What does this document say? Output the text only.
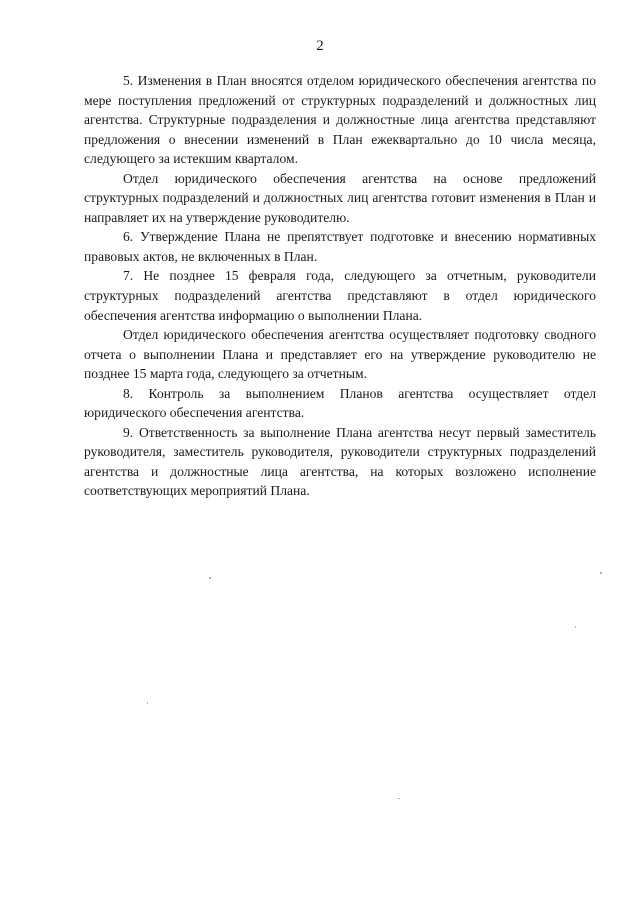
2

5. Изменения в План вносятся отделом юридического обеспечения агентства по мере поступления предложений от структурных подразделений и должностных лиц агентства. Структурные подразделения и должностные лица агентства представляют предложения о внесении изменений в План ежеквартально до 10 числа месяца, следующего за истекшим кварталом.

Отдел юридического обеспечения агентства на основе предложений структурных подразделений и должностных лиц агентства готовит изменения в План и направляет их на утверждение руководителю.

6. Утверждение Плана не препятствует подготовке и внесению нормативных правовых актов, не включенных в План.

7. Не позднее 15 февраля года, следующего за отчетным, руководители структурных подразделений агентства представляют в отдел юридического обеспечения агентства информацию о выполнении Плана.

Отдел юридического обеспечения агентства осуществляет подготовку сводного отчета о выполнении Плана и представляет его на утверждение руководителю не позднее 15 марта года, следующего за отчетным.

8. Контроль за выполнением Планов агентства осуществляет отдел юридического обеспечения агентства.

9. Ответственность за выполнение Плана агентства несут первый заместитель руководителя, заместитель руководителя, руководители структурных подразделений агентства и должностные лица агентства, на которых возложено исполнение соответствующих мероприятий Плана.
